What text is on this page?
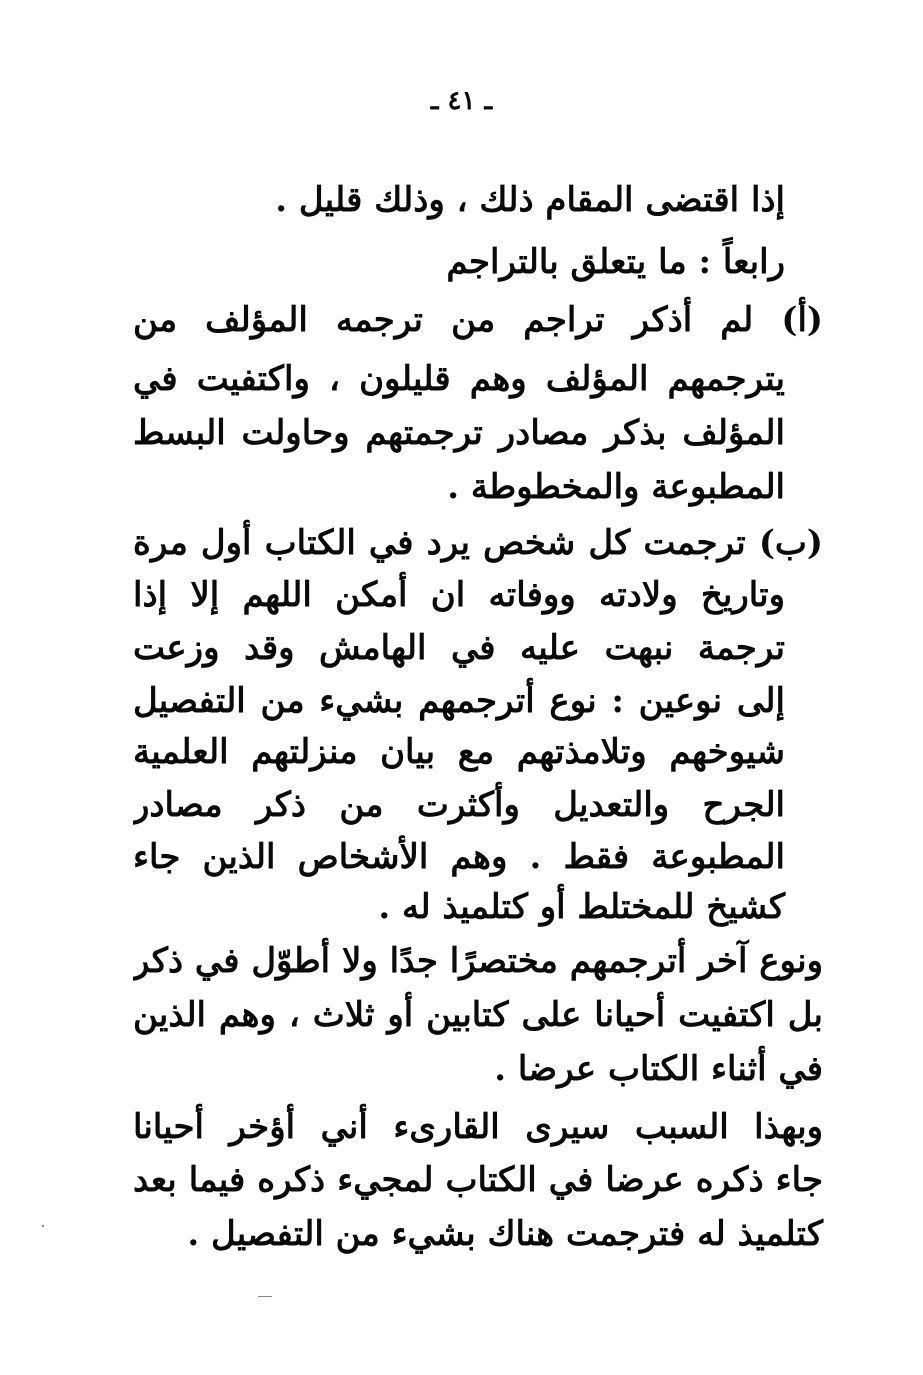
ـ ٤١ ـ
إذا اقتضى المقام ذلك ، وذلك قليل .
رابعاً : ما يتعلق بالتراجم
(أ) لم أذكر تراجم من ترجمه المؤلف من
يترجمهم المؤلف وهم قليلون ، واكتفيت في
المؤلف بذكر مصادر ترجمتهم وحاولت البسط
المطبوعة والمخطوطة .
(ب) ترجمت كل شخص يرد في الكتاب أول مرة
وتاريخ ولادته ووفاته ان أمكن اللهم إلا إذا
ترجمة نبهت عليه في الهامش وقد وزعت
إلى نوعين : نوع أترجمهم بشيء من التفصيل
شيوخهم وتلامذتهم مع بيان منزلتهم العلمية
الجرح والتعديل وأكثرت من ذكر مصادر
المطبوعة فقط . وهم الأشخاص الذين جاء
كشيخ للمختلط أو كتلميذ له .
ونوع آخر أترجمهم مختصرًا جدًا ولا أطوّل في ذكر
بل اكتفيت أحيانا على كتابين أو ثلاث ، وهم الذين
في أثناء الكتاب عرضا .
وبهذا السبب سيرى القارىء أني أؤخر أحيانا
جاء ذكره عرضا في الكتاب لمجيء ذكره فيما بعد
كتلميذ له فترجمت هناك بشيء من التفصيل .
